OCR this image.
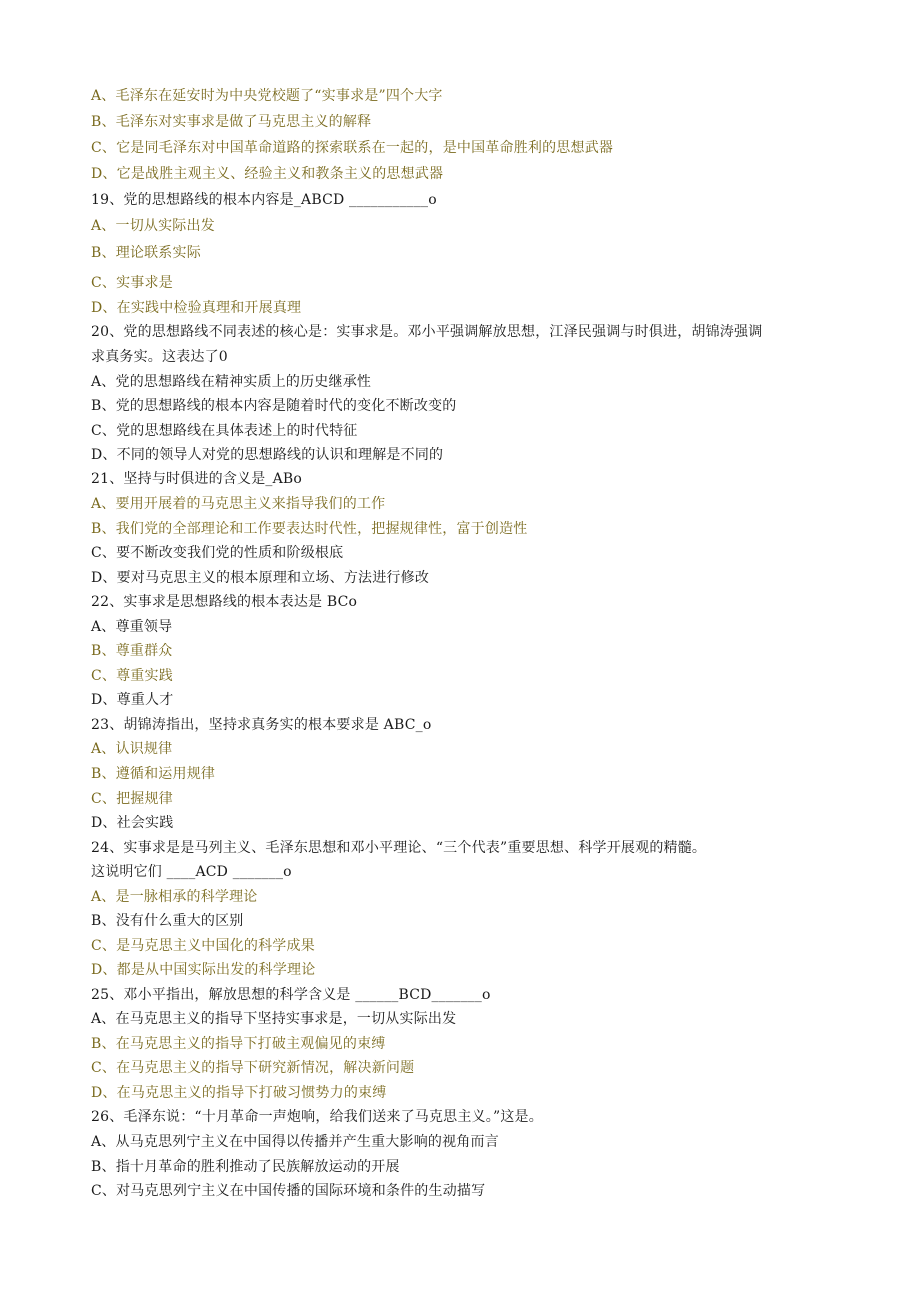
A、毛泽东在延安时为中央党校题了“实事求是”四个大字
B、毛泽东对实事求是做了马克思主义的解释
C、它是同毛泽东对中国革命道路的探索联系在一起的，是中国革命胜利的思想武器
D、它是战胜主观主义、经验主义和教条主义的思想武器
19、党的思想路线的根本内容是_ABCD ___________o
A、一切从实际出发
B、理论联系实际
C、实事求是
D、在实践中检验真理和开展真理
20、党的思想路线不同表述的核心是：实事求是。邓小平强调解放思想，江泽民强调与时俱进，胡锦涛强调
求真务实。这表达了0
A、党的思想路线在精神实质上的历史继承性
B、党的思想路线的根本内容是随着时代的变化不断改变的
C、党的思想路线在具体表述上的时代特征
D、不同的领导人对党的思想路线的认识和理解是不同的
21、坚持与时俱进的含义是_ABo
A、要用开展着的马克思主义来指导我们的工作
B、我们党的全部理论和工作要表达时代性，把握规律性，富于创造性
C、要不断改变我们党的性质和阶级根底
D、要对马克思主义的根本原理和立场、方法进行修改
22、实事求是思想路线的根本表达是 BCo
A、尊重领导
B、尊重群众
C、尊重实践
D、尊重人才
23、胡锦涛指出，坚持求真务实的根本要求是 ABC_o
A、认识规律
B、遵循和运用规律
C、把握规律
D、社会实践
24、实事求是是马列主义、毛泽东思想和邓小平理论、“三个代表”重要思想、科学开展观的精髓。
这说明它们 ____ACD _______o
A、是一脉相承的科学理论
B、没有什么重大的区别
C、是马克思主义中国化的科学成果
D、都是从中国实际出发的科学理论
25、邓小平指出，解放思想的科学含义是 ______BCD_______o
A、在马克思主义的指导下坚持实事求是，一切从实际出发
B、在马克思主义的指导下打破主观偏见的束缚
C、在马克思主义的指导下研究新情况，解决新问题
D、在马克思主义的指导下打破习惯势力的束缚
26、毛泽东说：“十月革命一声炮响，给我们送来了马克思主义。”这是。
A、从马克思列宁主义在中国得以传播并产生重大影响的视角而言
B、指十月革命的胜利推动了民族解放运动的开展
C、对马克思列宁主义在中国传播的国际环境和条件的生动描写
